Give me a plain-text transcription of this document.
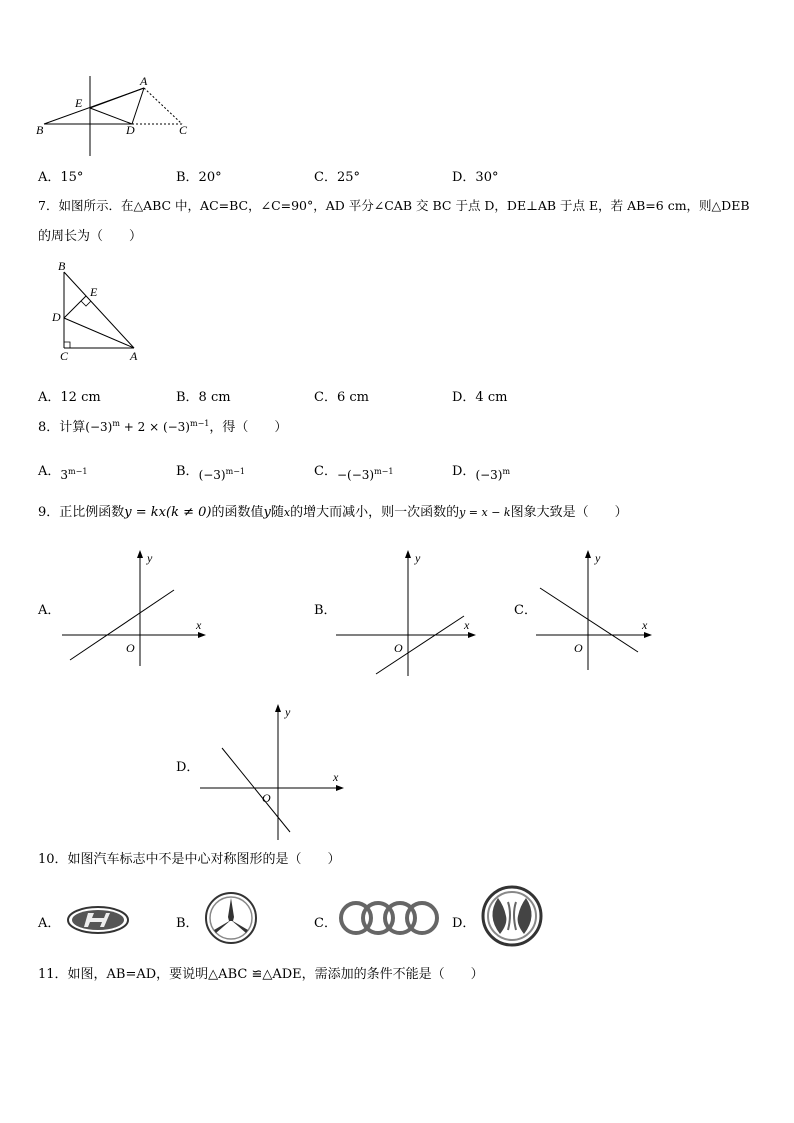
A
E
B	D	C
A．15°	B．20°	C．25°	D．30°
7．如图所示．在△ABC 中，AC=BC，∠C=90°，AD 平分∠CAB 交 BC 于点 D，DE⊥AB 于点 E，若 AB=6 cm，则△DEB
的周长为（　　）
B
E
D
C	A
A．12 cm	B．8 cm	C．6 cm	D．4 cm
8．计算$(-3)^m + 2 \times (-3)^{m-1}$，得（　　）
A．$3^{m-1}$	B．$(-3)^{m-1}$	C．$-(-3)^{m-1}$	D．$(-3)^m$
9．正比例函数y = kx(k ≠ 0)的函数值y随x的增大而减小，则一次函数的y = x − k图象大致是（　　）
A．
y
x
O
B．
y
x
O
C．
y
x
O
D．
y
x
O
10．如图汽车标志中不是中心对称图形的是（　　）
A．	B．	C．	D．
11．如图，AB=AD，要说明△ABC ≌△ADE，需添加的条件不能是（　　）
